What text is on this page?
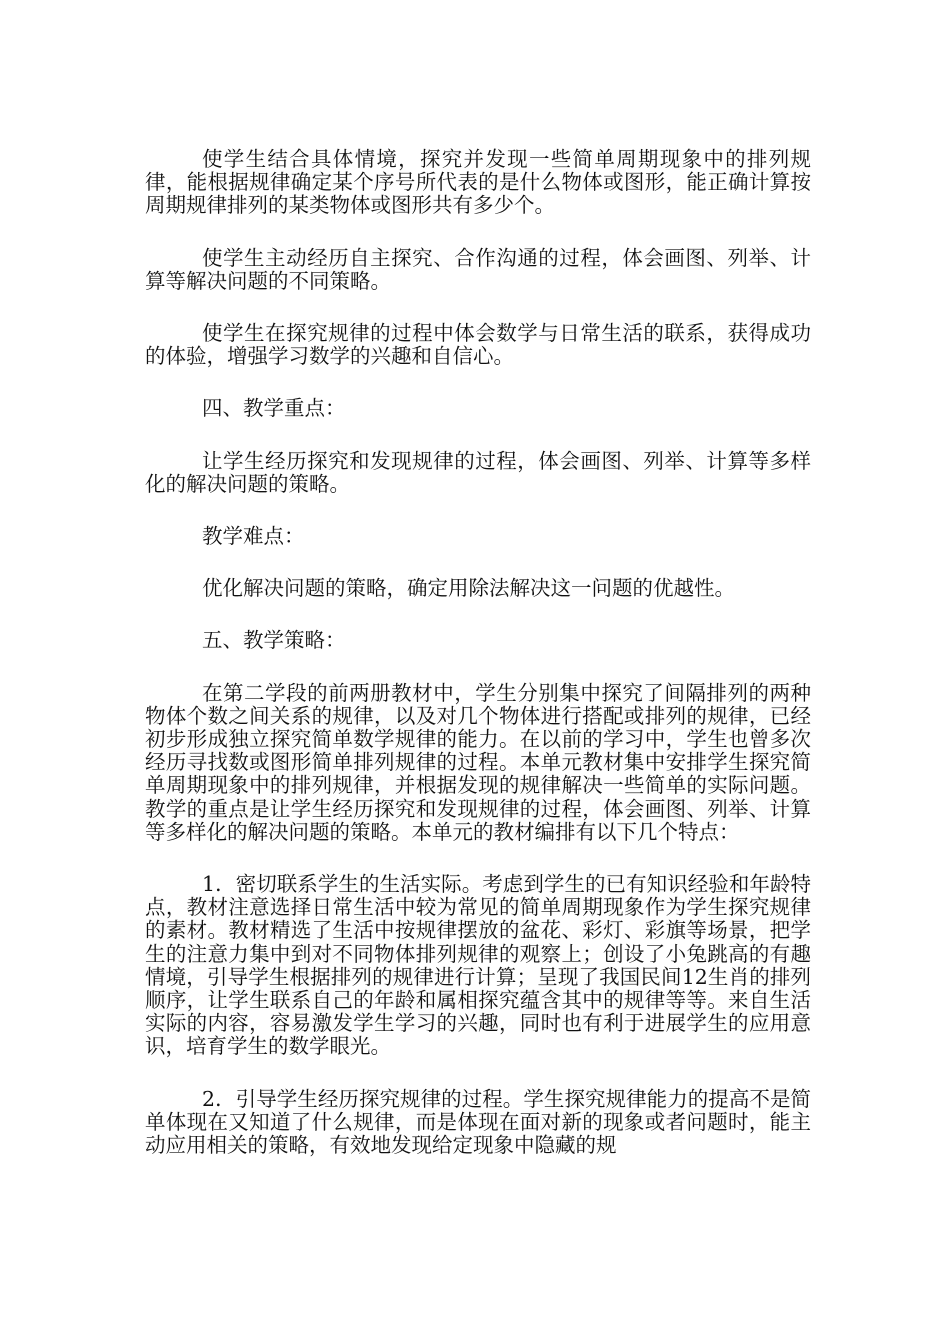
使学生结合具体情境，探究并发现一些简单周期现象中的排列规律，能根据规律确定某个序号所代表的是什么物体或图形，能正确计算按周期规律排列的某类物体或图形共有多少个。

使学生主动经历自主探究、合作沟通的过程，体会画图、列举、计算等解决问题的不同策略。

使学生在探究规律的过程中体会数学与日常生活的联系，获得成功的体验，增强学习数学的兴趣和自信心。

四、教学重点：

让学生经历探究和发现规律的过程，体会画图、列举、计算等多样化的解决问题的策略。

教学难点：

优化解决问题的策略，确定用除法解决这一问题的优越性。

五、教学策略：

在第二学段的前两册教材中，学生分别集中探究了间隔排列的两种物体个数之间关系的规律，以及对几个物体进行搭配或排列的规律，已经初步形成独立探究简单数学规律的能力。在以前的学习中，学生也曾多次经历寻找数或图形简单排列规律的过程。本单元教材集中安排学生探究简单周期现象中的排列规律，并根据发现的规律解决一些简单的实际问题。教学的重点是让学生经历探究和发现规律的过程，体会画图、列举、计算等多样化的解决问题的策略。本单元的教材编排有以下几个特点：

1．密切联系学生的生活实际。考虑到学生的已有知识经验和年龄特点，教材注意选择日常生活中较为常见的简单周期现象作为学生探究规律的素材。教材精选了生活中按规律摆放的盆花、彩灯、彩旗等场景，把学生的注意力集中到对不同物体排列规律的观察上；创设了小兔跳高的有趣情境，引导学生根据排列的规律进行计算；呈现了我国民间12生肖的排列顺序，让学生联系自己的年龄和属相探究蕴含其中的规律等等。来自生活实际的内容，容易激发学生学习的兴趣，同时也有利于进展学生的应用意识，培育学生的数学眼光。

2．引导学生经历探究规律的过程。学生探究规律能力的提高不是简单体现在又知道了什么规律，而是体现在面对新的现象或者问题时，能主动应用相关的策略，有效地发现给定现象中隐藏的规
